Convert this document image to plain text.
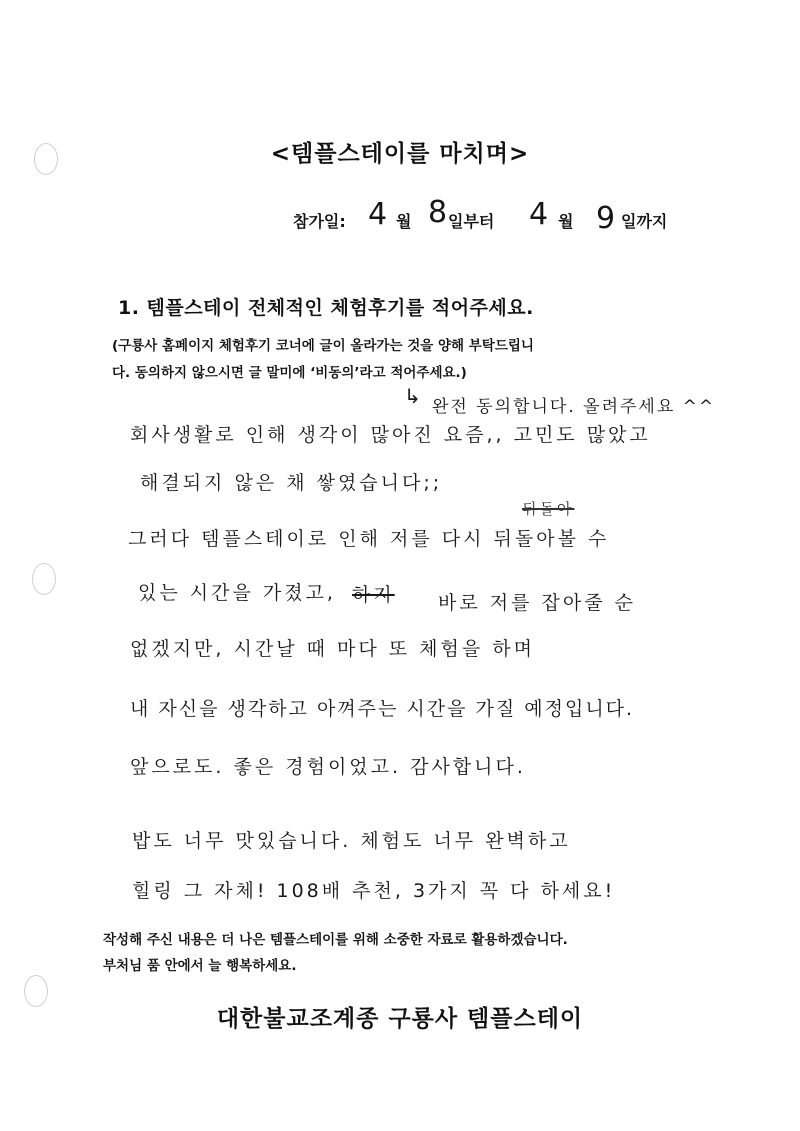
<템플스테이를 마치며>
참가일: 4 월 8 일부터 4 월 9 일까지
1. 템플스테이 전체적인 체험후기를 적어주세요.
(구룡사 홈페이지 체험후기 코너에 글이 올라가는 것을 양해 부탁드립니
다. 동의하지 않으시면 글 말미에 ‘비동의’라고 적어주세요.)
↳ 완전 동의합니다. 올려주세요 ^^
회사생활로 인해 생각이 많아진 요즘,, 고민도 많았고
해결되지 않은 채 쌓였습니다;;
그러다 템플스테이로 인해 저를 다시 뒤돌아볼 수
뒤돌아
있는 시간을 가졌고, 하지 바로 저를 잡아줄 순
없겠지만, 시간날 때 마다 또 체험을 하며
내 자신을 생각하고 아껴주는 시간을 가질 예정입니다.
앞으로도. 좋은 경험이었고. 감사합니다.
밥도 너무 맛있습니다. 체험도 너무 완벽하고
힐링 그 자체! 108배 추천, 3가지 꼭 다 하세요!
작성해 주신 내용은 더 나은 템플스테이를 위해 소중한 자료로 활용하겠습니다.
부처님 품 안에서 늘 행복하세요.
대한불교조계종 구룡사 템플스테이
